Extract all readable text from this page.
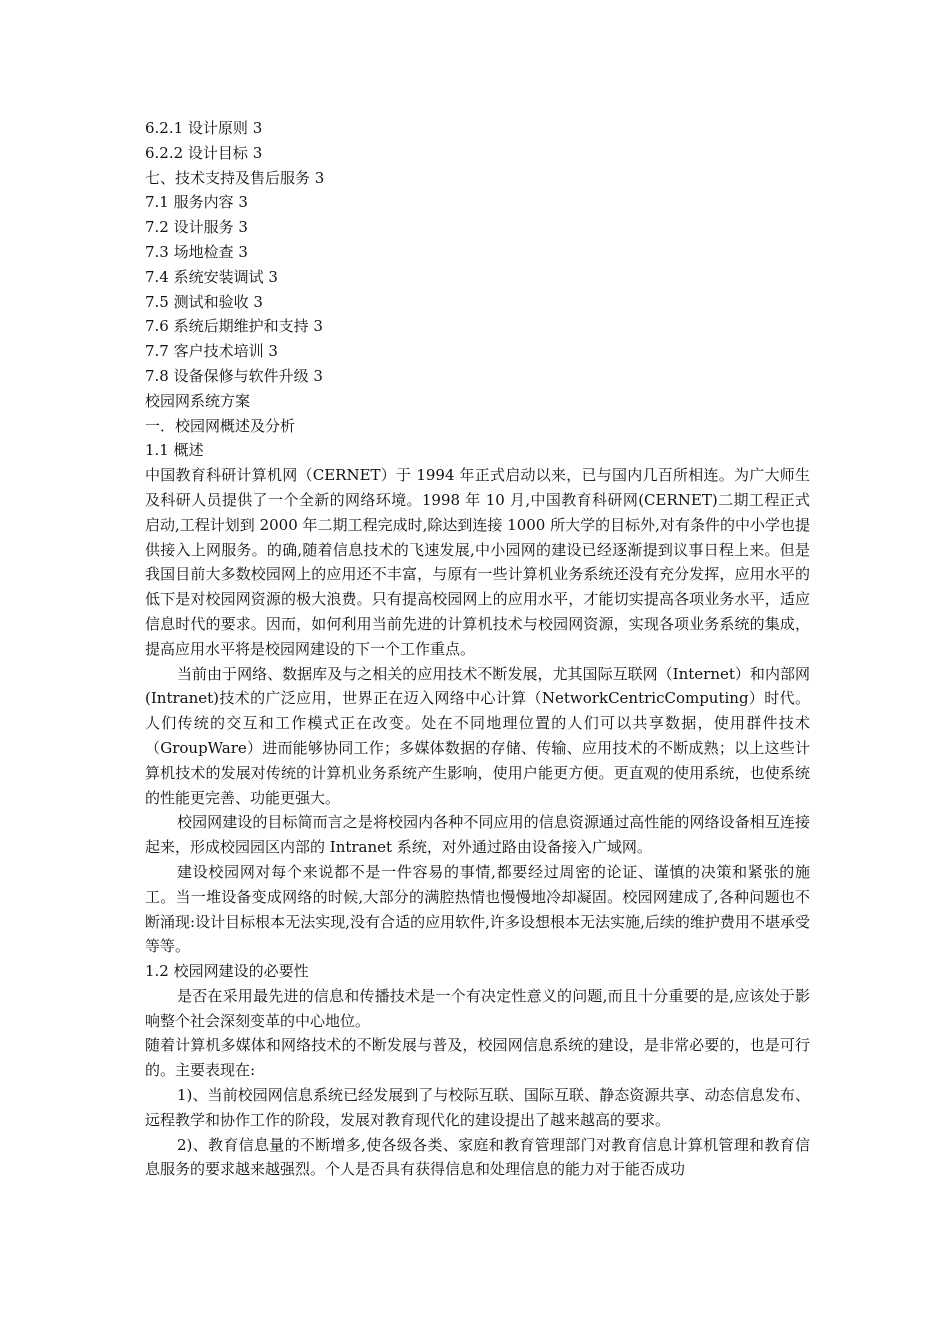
6.2.1 设计原则 3
6.2.2 设计目标 3
七、技术支持及售后服务 3
7.1 服务内容 3
7.2 设计服务 3
7.3 场地检查 3
7.4 系统安装调试 3
7.5 测试和验收 3
7.6 系统后期维护和支持 3
7.7 客户技术培训 3
7.8 设备保修与软件升级 3
校园网系统方案
一．校园网概述及分析
1.1 概述
中国教育科研计算机网（CERNET）于 1994 年正式启动以来，已与国内几百所相连。为广大师生及科研人员提供了一个全新的网络环境。1998 年 10 月,中国教育科研网(CERNET)二期工程正式启动,工程计划到 2000 年二期工程完成时,除达到连接 1000 所大学的目标外,对有条件的中小学也提供接入上网服务。的确,随着信息技术的飞速发展,中小园网的建设已经逐渐提到议事日程上来。但是我国目前大多数校园网上的应用还不丰富，与原有一些计算机业务系统还没有充分发挥，应用水平的低下是对校园网资源的极大浪费。只有提高校园网上的应用水平，才能切实提高各项业务水平，适应信息时代的要求。因而，如何利用当前先进的计算机技术与校园网资源，实现各项业务系统的集成，提高应用水平将是校园网建设的下一个工作重点。
当前由于网络、数据库及与之相关的应用技术不断发展，尤其国际互联网（Internet）和内部网(Intranet)技术的广泛应用，世界正在迈入网络中心计算（NetworkCentricComputing）时代。人们传统的交互和工作模式正在改变。处在不同地理位置的人们可以共享数据，使用群件技术（GroupWare）进而能够协同工作；多媒体数据的存储、传输、应用技术的不断成熟；以上这些计算机技术的发展对传统的计算机业务系统产生影响，使用户能更方便。更直观的使用系统，也使系统的性能更完善、功能更强大。
校园网建设的目标简而言之是将校园内各种不同应用的信息资源通过高性能的网络设备相互连接起来，形成校园园区内部的 Intranet 系统，对外通过路由设备接入广域网。
建设校园网对每个来说都不是一件容易的事情,都要经过周密的论证、谨慎的决策和紧张的施工。当一堆设备变成网络的时候,大部分的满腔热情也慢慢地冷却凝固。校园网建成了,各种问题也不断涌现:设计目标根本无法实现,没有合适的应用软件,许多设想根本无法实施,后续的维护费用不堪承受等等。
1.2 校园网建设的必要性
是否在采用最先进的信息和传播技术是一个有决定性意义的问题,而且十分重要的是,应该处于影响整个社会深刻变革的中心地位。
随着计算机多媒体和网络技术的不断发展与普及，校园网信息系统的建设，是非常必要的，也是可行的。主要表现在:
1)、当前校园网信息系统已经发展到了与校际互联、国际互联、静态资源共享、动态信息发布、远程教学和协作工作的阶段，发展对教育现代化的建设提出了越来越高的要求。
2)、教育信息量的不断增多,使各级各类、家庭和教育管理部门对教育信息计算机管理和教育信息服务的要求越来越强烈。个人是否具有获得信息和处理信息的能力对于能否成功
